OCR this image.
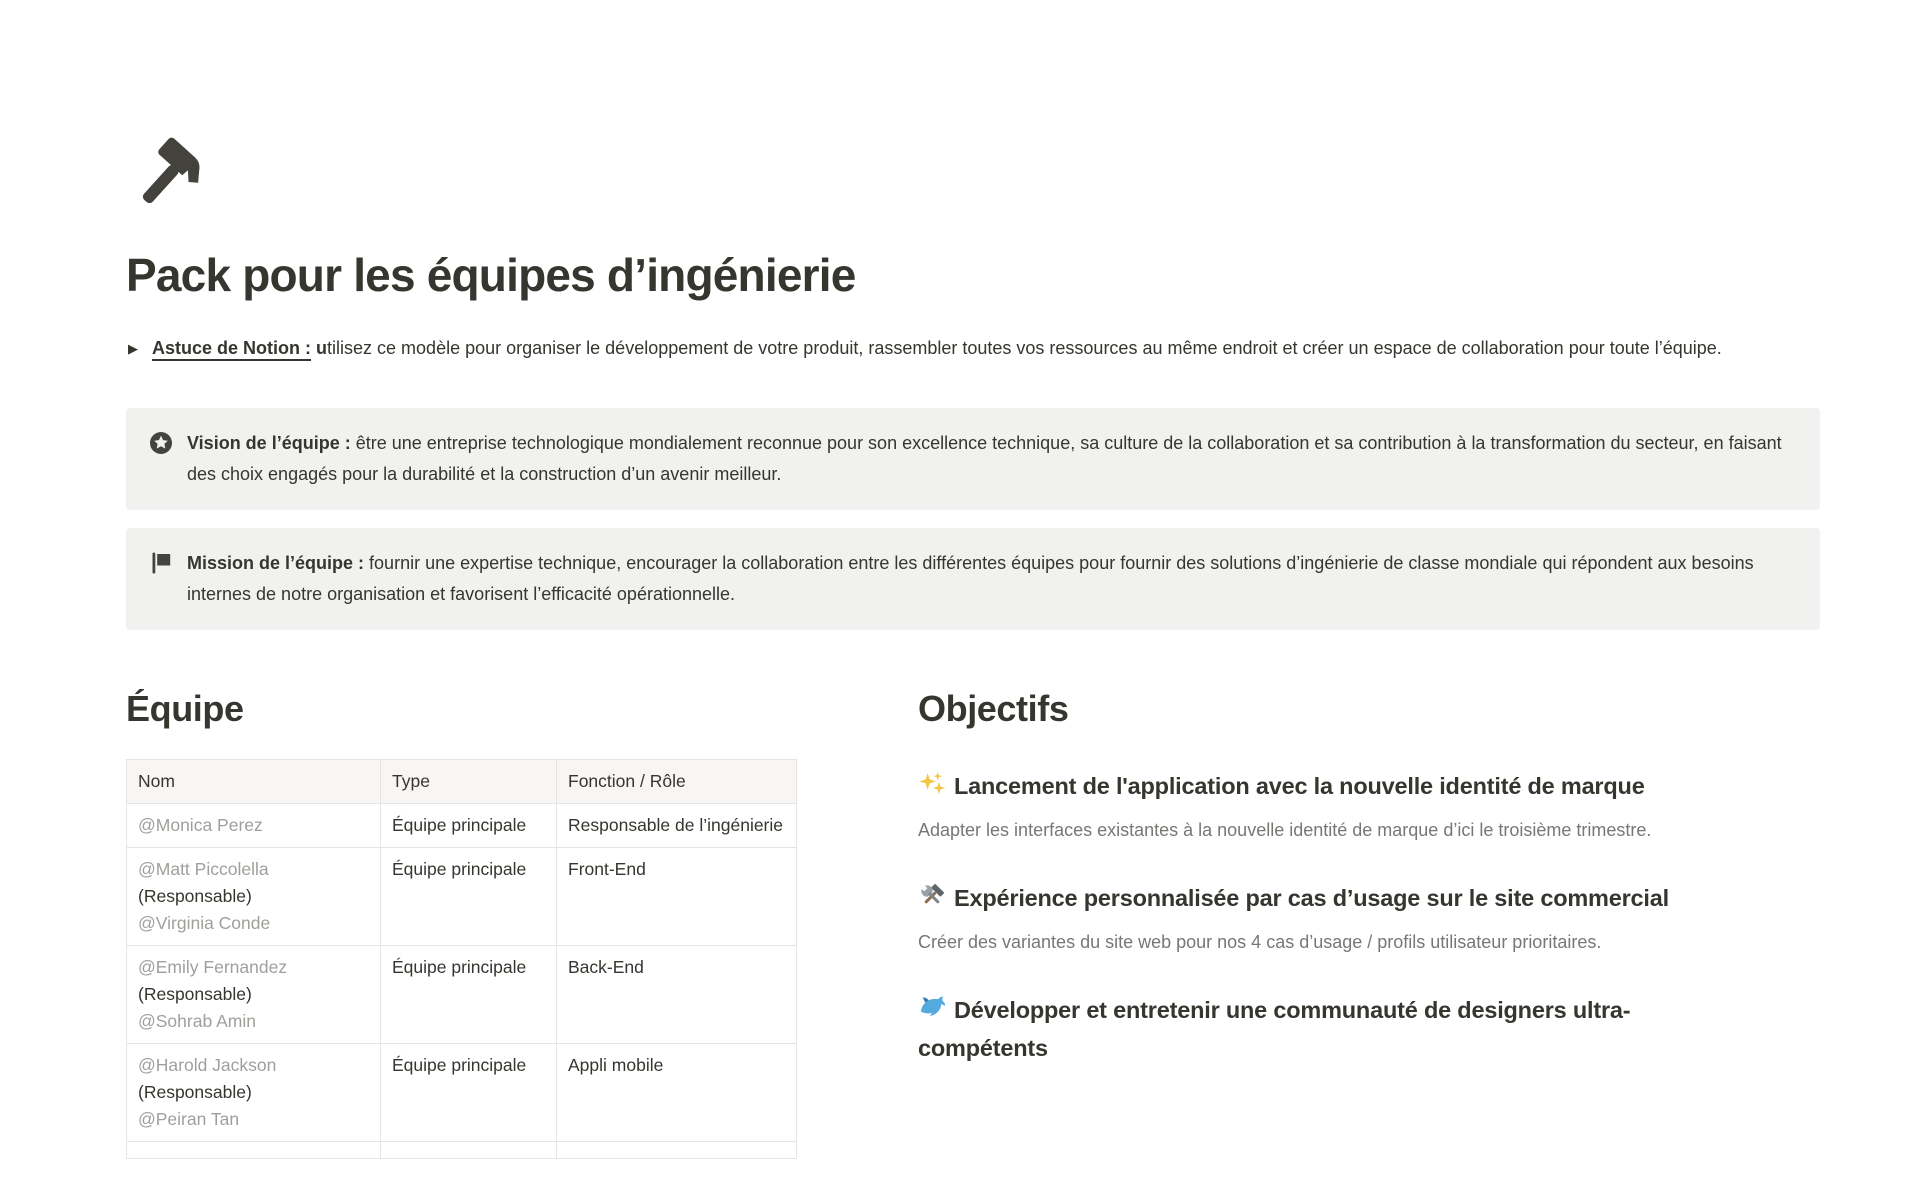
Pack pour les équipes d’ingénierie
▶ Astuce de Notion : utilisez ce modèle pour organiser le développement de votre produit, rassembler toutes vos ressources au même endroit et créer un espace de collaboration pour toute l’équipe.
Vision de l’équipe : être une entreprise technologique mondialement reconnue pour son excellence technique, sa culture de la collaboration et sa contribution à la transformation du secteur, en faisant des choix engagés pour la durabilité et la construction d’un avenir meilleur.
Mission de l’équipe : fournir une expertise technique, encourager la collaboration entre les différentes équipes pour fournir des solutions d’ingénierie de classe mondiale qui répondent aux besoins internes de notre organisation et favorisent l’efficacité opérationnelle.
Équipe
Nom	Type	Fonction / Rôle

@Monica Perez	Équipe principale	Responsable de l’ingénierie

@Matt Piccolella
(Responsable)
@Virginia Conde	Équipe principale	Front-End

@Emily Fernandez
(Responsable)
@Sohrab Amin	Équipe principale	Back-End

@Harold Jackson
(Responsable)
@Peiran Tan	Équipe principale	Appli mobile

Objectifs
Lancement de l'application avec la nouvelle identité de marque
Adapter les interfaces existantes à la nouvelle identité de marque d’ici le troisième trimestre.
Expérience personnalisée par cas d’usage sur le site commercial
Créer des variantes du site web pour nos 4 cas d’usage / profils utilisateur prioritaires.
Développer et entretenir une communauté de designers ultra-compétents
